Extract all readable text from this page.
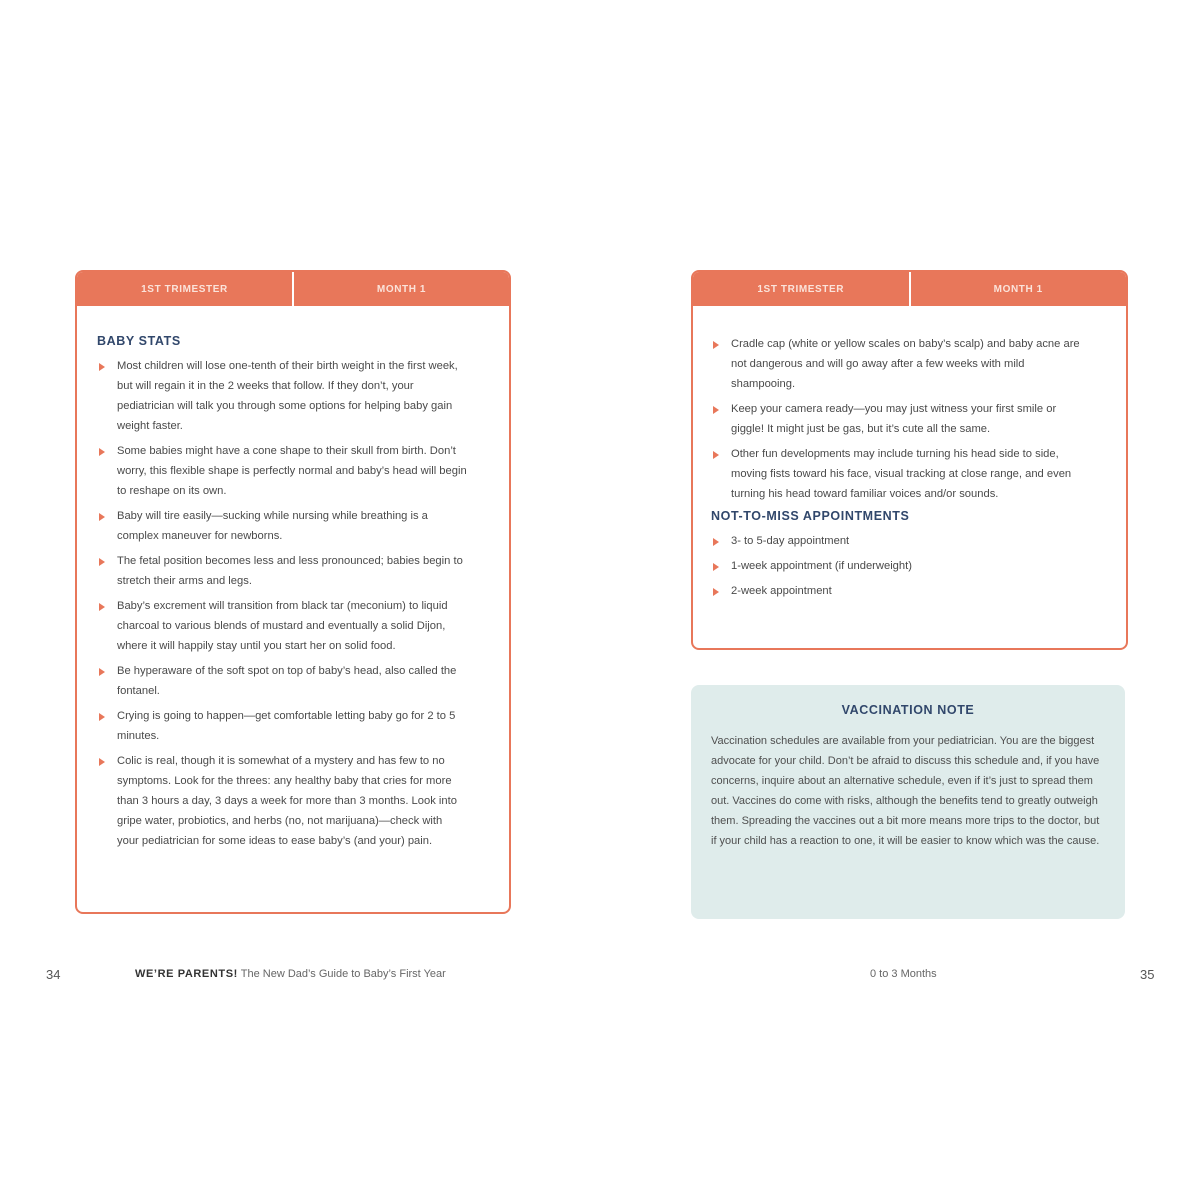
1ST TRIMESTER	MONTH 1
BABY STATS
Most children will lose one-tenth of their birth weight in the first week, but will regain it in the 2 weeks that follow. If they don’t, your pediatrician will talk you through some options for helping baby gain weight faster.
Some babies might have a cone shape to their skull from birth. Don’t worry, this flexible shape is perfectly normal and baby’s head will begin to reshape on its own.
Baby will tire easily—sucking while nursing while breathing is a complex maneuver for newborns.
The fetal position becomes less and less pronounced; babies begin to stretch their arms and legs.
Baby’s excrement will transition from black tar (meconium) to liquid charcoal to various blends of mustard and eventually a solid Dijon, where it will happily stay until you start her on solid food.
Be hyperaware of the soft spot on top of baby’s head, also called the fontanel.
Crying is going to happen—get comfortable letting baby go for 2 to 5 minutes.
Colic is real, though it is somewhat of a mystery and has few to no symptoms. Look for the threes: any healthy baby that cries for more than 3 hours a day, 3 days a week for more than 3 months. Look into gripe water, probiotics, and herbs (no, not marijuana)—check with your pediatrician for some ideas to ease baby’s (and your) pain.
1ST TRIMESTER	MONTH 1
Cradle cap (white or yellow scales on baby’s scalp) and baby acne are not dangerous and will go away after a few weeks with mild shampooing.
Keep your camera ready—you may just witness your first smile or giggle! It might just be gas, but it’s cute all the same.
Other fun developments may include turning his head side to side, moving fists toward his face, visual tracking at close range, and even turning his head toward familiar voices and/or sounds.
NOT-TO-MISS APPOINTMENTS
3- to 5-day appointment
1-week appointment (if underweight)
2-week appointment
VACCINATION NOTE
Vaccination schedules are available from your pediatrician. You are the biggest advocate for your child. Don’t be afraid to discuss this schedule and, if you have concerns, inquire about an alternative schedule, even if it’s just to spread them out. Vaccines do come with risks, although the benefits tend to greatly outweigh them. Spreading the vaccines out a bit more means more trips to the doctor, but if your child has a reaction to one, it will be easier to know which was the cause.
34	WE’RE PARENTS! The New Dad’s Guide to Baby’s First Year	0 to 3 Months	35
